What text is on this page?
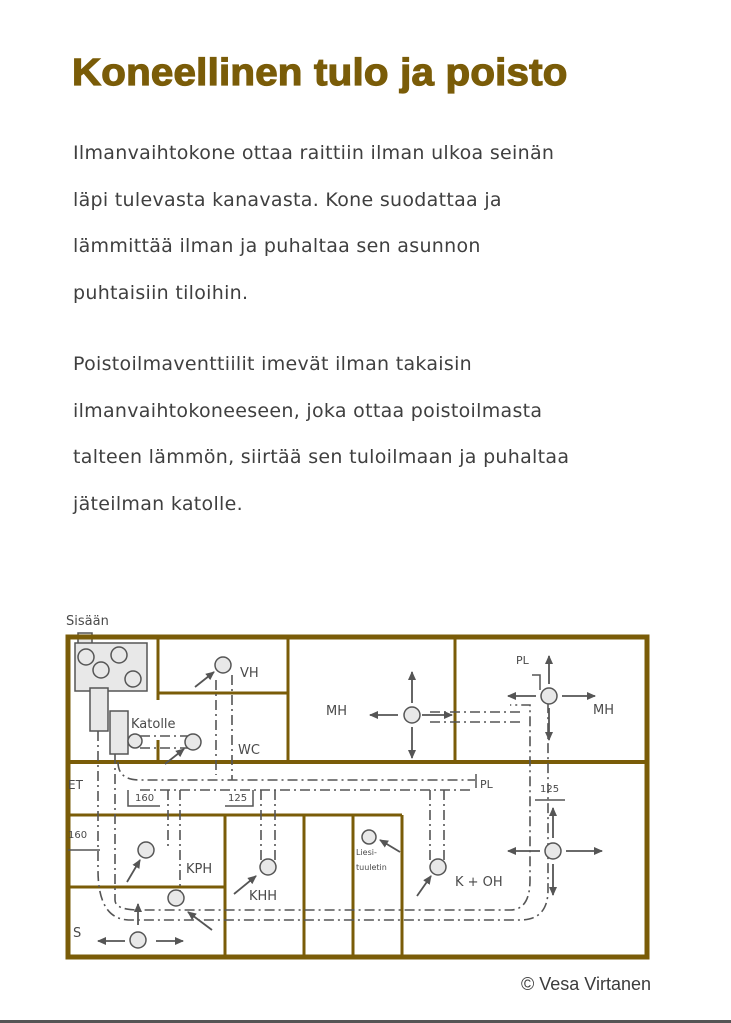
Koneellinen tulo ja poisto
Ilmanvaihtokone ottaa raittiin ilman ulkoa seinän
läpi tulevasta kanavasta. Kone suodattaa ja
lämmittää ilman ja puhaltaa sen asunnon
puhtaisiin tiloihin.
Poistoilmaventtiilit imevät ilman takaisin
ilmanvaihtokoneeseen, joka ottaa poistoilmasta
talteen lämmön, siirtää sen tuloilmaan ja puhaltaa
jäteilman katolle.
Sisään
Katolle
VH
WC
MH	MH
PL
PL
ET
160	125
160
125
KPH
KHH
K + OH
S
Liesi-
tuuletin
© Vesa Virtanen
